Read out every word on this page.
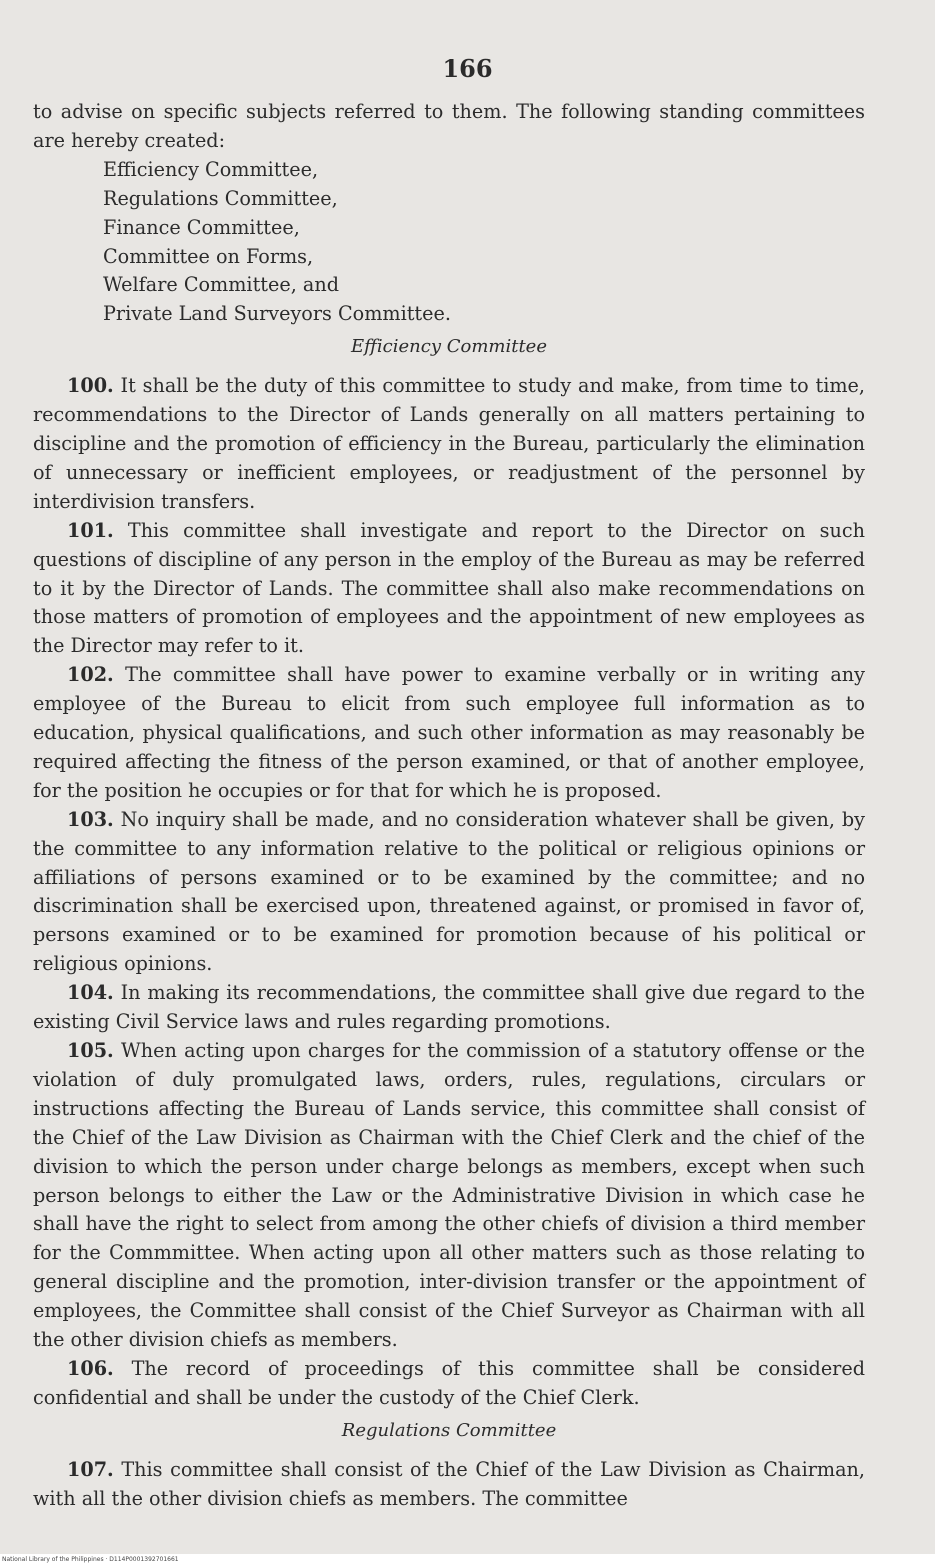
166

to advise on specific subjects referred to them. The following standing committees are hereby created:

Efficiency Committee,
Regulations Committee,
Finance Committee,
Committee on Forms,
Welfare Committee, and
Private Land Surveyors Committee.
Efficiency Committee

100. It shall be the duty of this committee to study and make, from time to time, recommendations to the Director of Lands generally on all matters pertaining to discipline and the promotion of efficiency in the Bureau, particularly the elimination of unnecessary or inefficient employees, or readjustment of the personnel by interdivision transfers.

101. This committee shall investigate and report to the Director on such questions of discipline of any person in the employ of the Bureau as may be referred to it by the Director of Lands. The committee shall also make recommendations on those matters of promotion of employees and the appointment of new employees as the Director may refer to it.

102. The committee shall have power to examine verbally or in writing any employee of the Bureau to elicit from such employee full information as to education, physical qualifications, and such other information as may reasonably be required affecting the fitness of the person examined, or that of another employee, for the position he occupies or for that for which he is proposed.

103. No inquiry shall be made, and no consideration whatever shall be given, by the committee to any information relative to the political or religious opinions or affiliations of persons examined or to be examined by the committee; and no discrimination shall be exercised upon, threatened against, or promised in favor of, persons examined or to be examined for promotion because of his political or religious opinions.

104. In making its recommendations, the committee shall give due regard to the existing Civil Service laws and rules regarding promotions.

105. When acting upon charges for the commission of a statutory offense or the violation of duly promulgated laws, orders, rules, regulations, circulars or instructions affecting the Bureau of Lands service, this committee shall consist of the Chief of the Law Division as Chairman with the Chief Clerk and the chief of the division to which the person under charge belongs as members, except when such person belongs to either the Law or the Administrative Division in which case he shall have the right to select from among the other chiefs of division a third member for the Commmittee. When acting upon all other matters such as those relating to general discipline and the promotion, inter-division transfer or the appointment of employees, the Committee shall consist of the Chief Surveyor as Chairman with all the other division chiefs as members.

106. The record of proceedings of this committee shall be considered confidential and shall be under the custody of the Chief Clerk.

Regulations Committee

107. This committee shall consist of the Chief of the Law Division as Chairman, with all the other division chiefs as members. The committee

National Library of the Philippines · D114P0001392701661
